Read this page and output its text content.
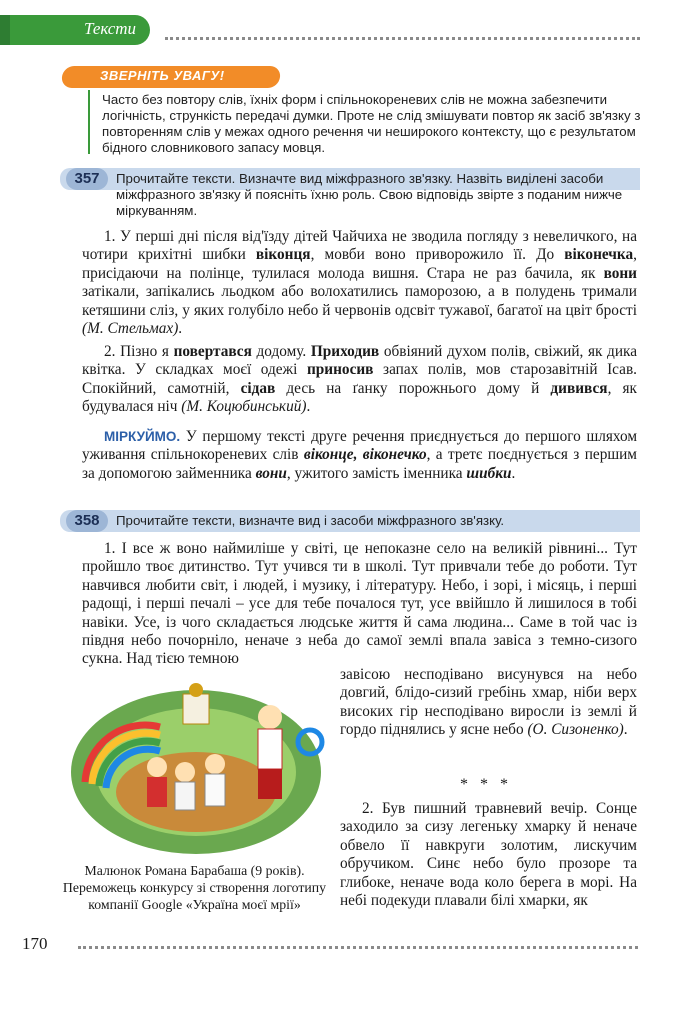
Тексти
ЗВЕРНІТЬ УВАГУ!
Часто без повтору слів, їхніх форм і спільнокореневих слів не можна забезпечити логічність, стрункість передачі думки. Проте не слід змішувати повтор як засіб зв'язку з повторенням слів у межах одного речення чи неширокого контексту, що є результатом бідного словникового запасу мовця.
357	Прочитайте тексти. Визначте вид міжфразного зв'язку. Назвіть виділені засоби міжфразного зв'язку й поясніть їхню роль. Свою відповідь звірте з поданим нижче міркуванням.

1. У перші дні після від'їзду дітей Чайчиха не зводила погляду з невеличкого, на чотири крихітні шибки віконця, мовби воно приворожило її. До віконечка, присідаючи на полінце, тулилася молода вишня. Стара не раз бачила, як вони затікали, запікались льодком або волохатились паморозою, а в полудень тримали кетяшини сліз, у яких голубіло небо й червонів одсвіт тужавої, багатої на цвіт брості (М. Стельмах).

2. Пізно я повертався додому. Приходив обвіяний духом полів, свіжий, як дика квітка. У складках моєї одежі приносив запах полів, мов старозавітній Ісав. Спокійний, самотній, сідав десь на ґанку порожнього дому й дивився, як будувалася ніч (М. Коцюбинський).

МІРКУЙМО. У першому тексті друге речення приєднується до першого шляхом уживання спільнокореневих слів віконце, віконечко, а третє поєднується з першим за допомогою займенника вони, ужитого замість іменника шибки.
358	Прочитайте тексти, визначте вид і засоби міжфразного зв'язку.

1. І все ж воно наймиліше у світі, це непоказне село на великій рівнині... Тут пройшло твоє дитинство. Тут учився ти в школі. Тут привчали тебе до роботи. Тут навчився любити світ, і людей, і музику, і літературу. Небо, і зорі, і місяць, і перші радощі, і перші печалі – усе для тебе почалося тут, усе ввійшло й лишилося в тобі навіки. Усе, із чого складається людське життя й сама людина... Саме в той час із півдня небо почорніло, неначе з неба до самої землі впала завіса з темно-сизого сукна. Над тією темною

завісою несподівано висунувся на небо довгий, блідо-сизий гребінь хмар, ніби верх високих гір несподівано виросли із землі й гордо піднялись у ясне небо (О. Сизоненко).

* * *

2. Був пишний травневий вечір. Сонце заходило за сизу легеньку хмарку й неначе обвело її навкруги золотим, лискучим обручиком. Синє небо було прозоре та глибоке, неначе вода коло берега в морі. На небі подекуди плавали білі хмарки, як

Малюнок Романа Барабаша (9 років). Переможець конкурсу зі створення логотипу компанії Google «Україна моєї мрії»
170
